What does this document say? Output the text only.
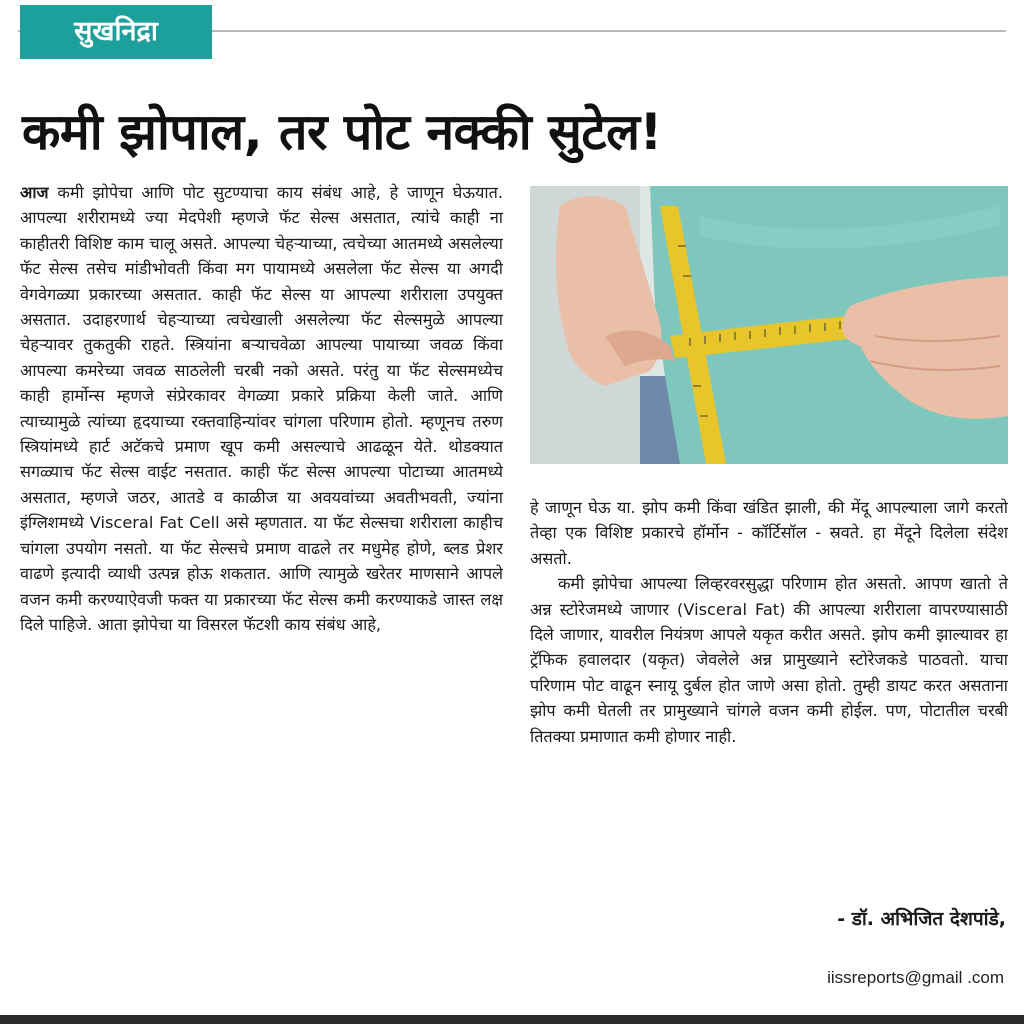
सुखनिद्रा
कमी झोपाल, तर पोट नक्की सुटेल!

आज कमी झोपेचा आणि पोट सुटण्याचा काय संबंध आहे, हे जाणून घेऊयात. आपल्या शरीरामध्ये ज्या मेदपेशी म्हणजे फॅट सेल्स असतात, त्यांचे काही ना काहीतरी विशिष्ट काम चालू असते. आपल्या चेहऱ्याच्या, त्वचेच्या आतमध्ये असलेल्या फॅट सेल्स तसेच मांडीभोवती किंवा मग पायामध्ये असलेला फॅट सेल्स या अगदी वेगवेगळ्या प्रकारच्या असतात. काही फॅट सेल्स या आपल्या शरीराला उपयुक्त असतात. उदाहरणार्थ चेहऱ्याच्या त्वचेखाली असलेल्या फॅट सेल्समुळे आपल्या चेहऱ्यावर तुकतुकी राहते. स्त्रियांना बऱ्याचवेळा आपल्या पायाच्या जवळ किंवा आपल्या कमरेच्या जवळ साठलेली चरबी नको असते. परंतु या फॅट सेल्समध्येच काही हार्मोन्स म्हणजे संप्रेरकावर वेगळ्या प्रकारे प्रक्रिया केली जाते. आणि त्याच्यामुळे त्यांच्या हृदयाच्या रक्तवाहिन्यांवर चांगला परिणाम होतो. म्हणूनच तरुण स्त्रियांमध्ये हार्ट अटॅकचे प्रमाण खूप कमी असल्याचे आढळून येते. थोडक्यात सगळ्याच फॅट सेल्स वाईट नसतात. काही फॅट सेल्स आपल्या पोटाच्या आतमध्ये असतात, म्हणजे जठर, आतडे व काळीज या अवयवांच्या अवतीभवती, ज्यांना इंग्लिशमध्ये Visceral Fat Cell असे म्हणतात. या फॅट सेल्सचा शरीराला काहीच चांगला उपयोग नसतो. या फॅट सेल्सचे प्रमाण वाढले तर मधुमेह होणे, ब्लड प्रेशर वाढणे इत्यादी व्याधी उत्पन्न होऊ शकतात. आणि त्यामुळे खरेतर माणसाने आपले वजन कमी करण्याऐवजी फक्त या प्रकारच्या फॅट सेल्स कमी करण्याकडे जास्त लक्ष दिले पाहिजे. आता झोपेचा या विसरल फॅटशी काय संबंध आहे,

हे जाणून घेऊ या. झोप कमी किंवा खंडित झाली, की मेंदू आपल्याला जागे करतो तेव्हा एक विशिष्ट प्रकारचे हॉर्मोन - कॉर्टिसॉल - स्रवते. हा मेंदूने दिलेला संदेश असतो.

कमी झोपेचा आपल्या लिव्हरवरसुद्धा परिणाम होत असतो. आपण खातो ते अन्न स्टोरेजमध्ये जाणार (Visceral Fat) की आपल्या शरीराला वापरण्यासाठी दिले जाणार, यावरील नियंत्रण आपले यकृत करीत असते. झोप कमी झाल्यावर हा ट्रॅफिक हवालदार (यकृत) जेवलेले अन्न प्रामुख्याने स्टोरेजकडे पाठवतो. याचा परिणाम पोट वाढून स्नायू दुर्बल होत जाणे असा होतो. तुम्ही डायट करत असताना झोप कमी घेतली तर प्रामुख्याने चांगले वजन कमी होईल. पण, पोटातील चरबी तितक्या प्रमाणात कमी होणार नाही.

- डॉ. अभिजित देशपांडे,
iissreports@gmail .com
